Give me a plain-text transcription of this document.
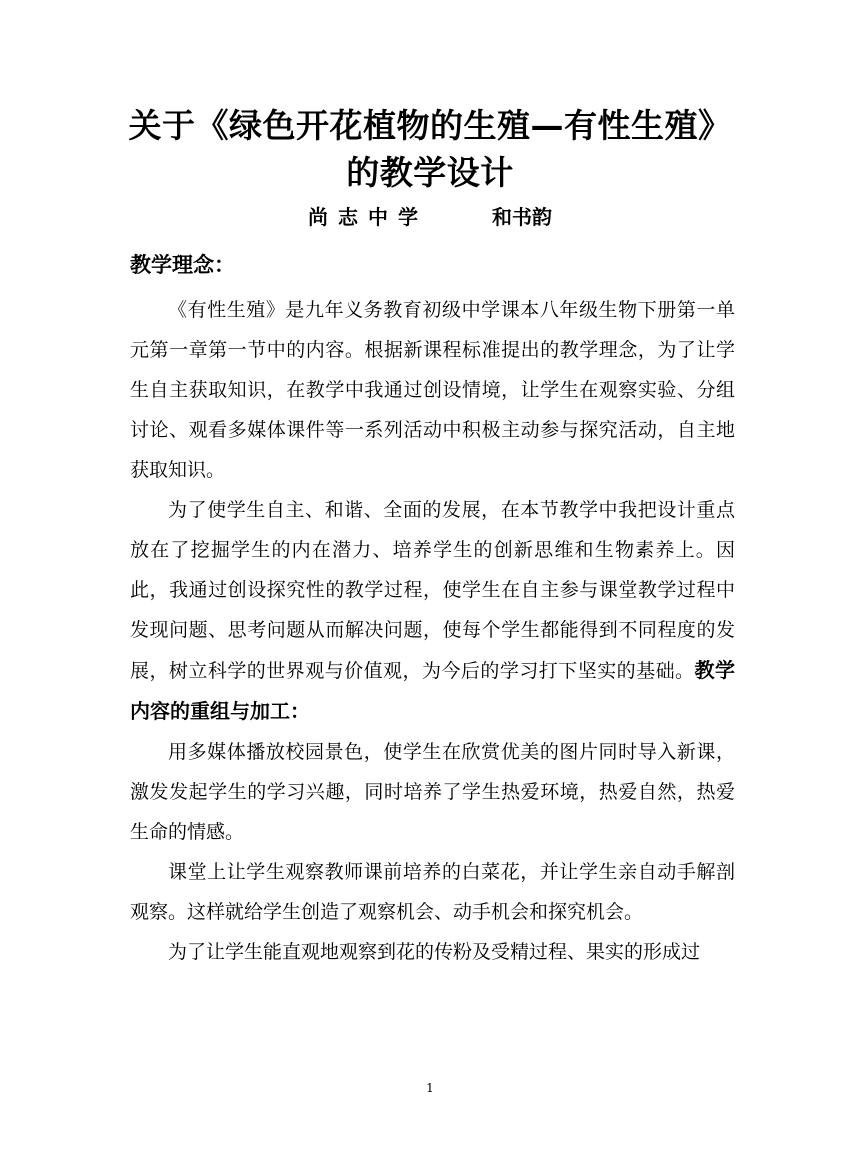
关于《绿色开花植物的生殖—有性生殖》
的教学设计
尚志中学	和书韵
教学理念：

《有性生殖》是九年义务教育初级中学课本八年级生物下册第一单元第一章第一节中的内容。根据新课程标准提出的教学理念，为了让学生自主获取知识，在教学中我通过创设情境，让学生在观察实验、分组讨论、观看多媒体课件等一系列活动中积极主动参与探究活动，自主地获取知识。

为了使学生自主、和谐、全面的发展，在本节教学中我把设计重点放在了挖掘学生的内在潜力、培养学生的创新思维和生物素养上。因此，我通过创设探究性的教学过程，使学生在自主参与课堂教学过程中发现问题、思考问题从而解决问题，使每个学生都能得到不同程度的发展，树立科学的世界观与价值观，为今后的学习打下坚实的基础。教学内容的重组与加工：

用多媒体播放校园景色，使学生在欣赏优美的图片同时导入新课，激发发起学生的学习兴趣，同时培养了学生热爱环境，热爱自然，热爱生命的情感。

课堂上让学生观察教师课前培养的白菜花，并让学生亲自动手解剖观察。这样就给学生创造了观察机会、动手机会和探究机会。

为了让学生能直观地观察到花的传粉及受精过程、果实的形成过

1
